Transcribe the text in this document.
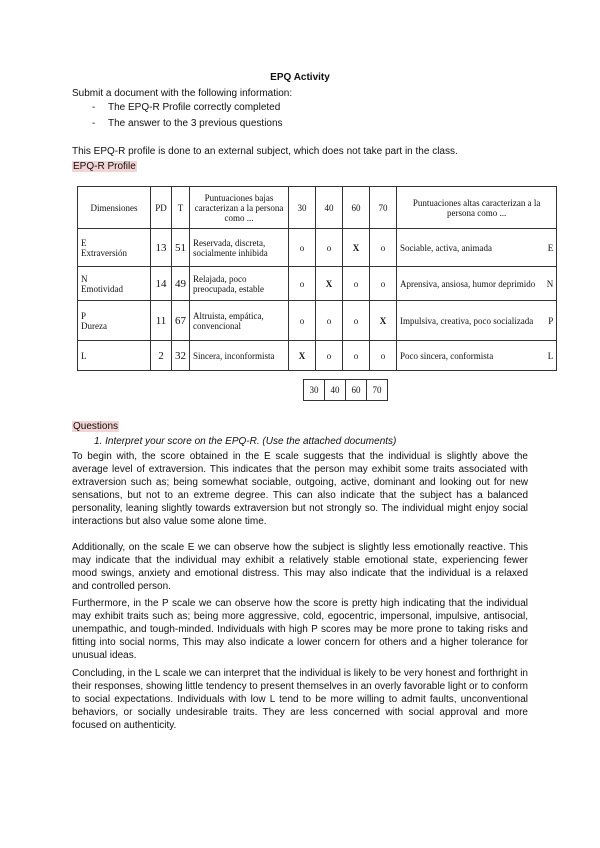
EPQ Activity
Submit a document with the following information:
- The EPQ-R Profile correctly completed
- The answer to the 3 previous questions
This EPQ-R profile is done to an external subject, which does not take part in the class.
EPQ-R Profile
Dimensiones	PD	T	Puntuaciones bajas caracterizan a la persona como ...	30	40	60	70	Puntuaciones altas caracterizan a la persona como ...	

E
Extraversión	13	51	Reservada, discreta, socialmente inhibida	o	o	X	o	Sociable, activa, animada	E

N
Emotividad	14	49	Relajada, poco preocupada, estable	o	X	o	o	Aprensiva, ansiosa, humor deprimido	N

P
Dureza	11	67	Altruista, empática, convencional	o	o	o	X	Impulsiva, creativa, poco socializada	P

L	2	32	Sincera, inconformista	X	o	o	o	Poco sincera, conformista	L
30	40	60	70
Questions
1. Interpret your score on the EPQ-R. (Use the attached documents)
To begin with, the score obtained in the E scale suggests that the individual is slightly above the average level of extraversion. This indicates that the person may exhibit some traits associated with extraversion such as; being somewhat sociable, outgoing, active, dominant and looking out for new sensations, but not to an extreme degree. This can also indicate that the subject has a balanced personality, leaning slightly towards extraversion but not strongly so. The individual might enjoy social interactions but also value some alone time.
Additionally, on the scale E we can observe how the subject is slightly less emotionally reactive. This may indicate that the individual may exhibit a relatively stable emotional state, experiencing fewer mood swings, anxiety and emotional distress. This may also indicate that the individual is a relaxed and controlled person.
Furthermore, in the P scale we can observe how the score is pretty high indicating that the individual may exhibit traits such as; being more aggressive, cold, egocentric, impersonal, impulsive, antisocial, unempathic, and tough-minded. Individuals with high P scores may be more prone to taking risks and fitting into social norms, This may also indicate a lower concern for others and a higher tolerance for unusual ideas.
Concluding, in the L scale we can interpret that the individual is likely to be very honest and forthright in their responses, showing little tendency to present themselves in an overly favorable light or to conform to social expectations. Individuals with low L tend to be more willing to admit faults, unconventional behaviors, or socially undesirable traits. They are less concerned with social approval and more focused on authenticity.
